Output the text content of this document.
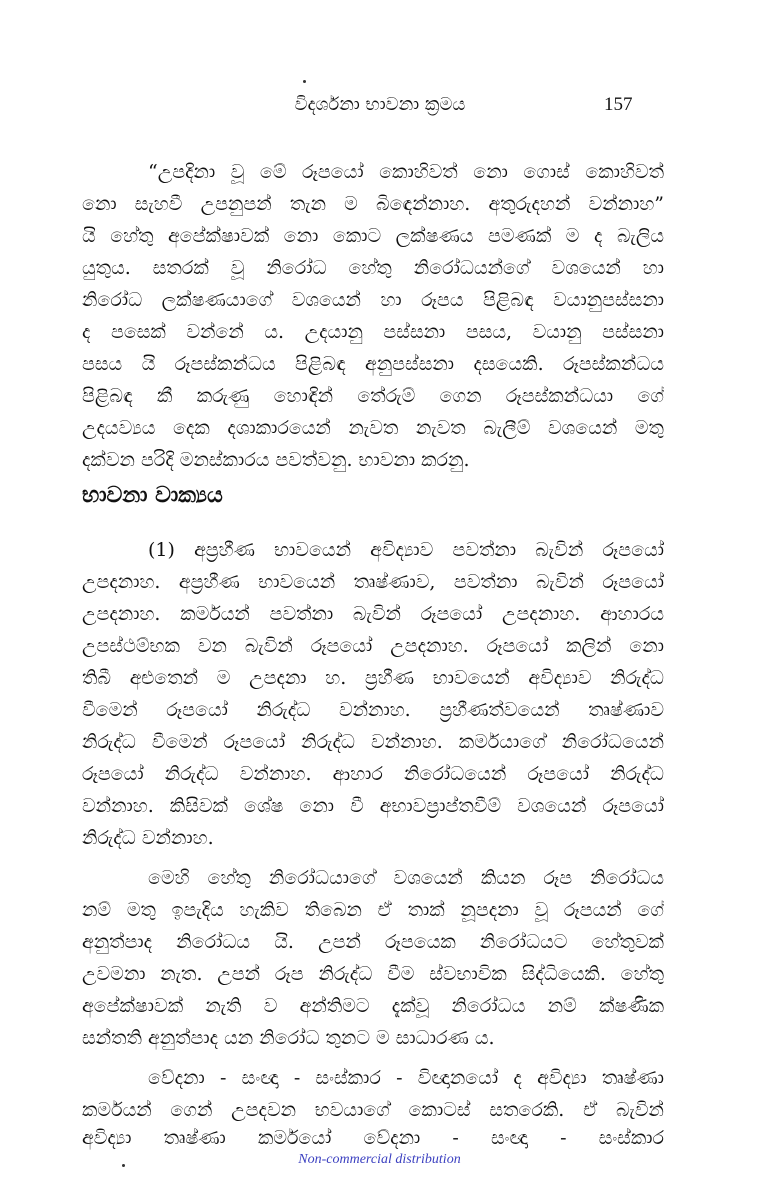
විදර්ශනා භාවනා ක්‍රමය	157
“උපදිනා වූ මේ රූපයෝ කොහිවත් නො ගොස් කොහිවත්
නො සැහවී උපනුපන් තැන ම බිඳෙන්නාහ. අතුරුදහන් වන්නාහ”
යි හේතු අපේක්ෂාවක් නො කොට ලක්ෂණය පමණක් ම ද බැලිය
යුතුය. සතරක් වූ නිරෝධ හේතු නිරෝධයන්ගේ වශයෙන් හා
නිරෝධ ලක්ෂණයාගේ වශයෙන් හා රූපය පිළිබඳ වයානුපස්සනා
ද පසෙක් වන්නේ ය. උදයානු පස්සනා පසය, වයානු පස්සනා
පසය යි රූපස්කන්ධය පිළිබඳ අනුපස්සනා දසයෙකි. රූපස්කන්ධය
පිළිබඳ කී කරුණු හොඳින් තේරුම් ගෙන රූපස්කන්ධයා ගේ
උදයව්‍යය දෙක දශාකාරයෙන් නැවත නැවත බැලීම් වශයෙන් මතු
දක්වන පරිදි මනස්කාරය පවත්වනු. භාවනා කරනු.
භාවනා වාක්‍යය
(1) අප්‍රහීණ භාවයෙන් අවිද්‍යාව පවත්නා බැවින් රූපයෝ
උපදනාහ. අප්‍රහීණ භාවයෙන් තෘෂ්ණාව, පවත්නා බැවින් රූපයෝ
උපදනාහ. කර්මයන් පවත්නා බැවින් රූපයෝ උපදනාහ. ආහාරය
උපස්ථම්භක වන බැවින් රූපයෝ උපදනාහ. රූපයෝ කලින් නො
තිබී අළුතෙන් ම උපදනා හ. ප්‍රහීණ භාවයෙන් අවිද්‍යාව නිරුද්ධ
වීමෙන් රූපයෝ නිරුද්ධ වන්නාහ. ප්‍රහීණත්වයෙන් තෘෂ්ණාව
නිරුද්ධ වීමෙන් රූපයෝ නිරුද්ධ වන්නාහ. කර්මයාගේ නිරෝධයෙන්
රූපයෝ නිරුද්ධ වන්නාහ. ආහාර නිරෝධයෙන් රූපයෝ නිරුද්ධ
වන්නාහ. කිසිවක් ශේෂ නො වී අභාවප්‍රාප්තවීම් වශයෙන් රූපයෝ
නිරුද්ධ වන්නාහ.
මෙහි හේතු නිරෝධයාගේ වශයෙන් කියන රූප නිරෝධය
නම් මතු ඉපැදිය හැකිව තිබෙන ඒ තාක් නූපදනා වූ රූපයන් ගේ
අනුත්පාද නිරෝධය යි. උපන් රූපයෙක නිරෝධයට හේතුවක්
උවමනා නැත. උපන් රූප නිරුද්ධ වීම ස්වභාවික සිද්ධියෙකි. හේතු
අපේක්ෂාවක් නැති ව අන්තිමට දැක්වූ නිරෝධය නම් ක්ෂණික
සන්තති අනුත්පාද යන නිරෝධ තුනට ම සාධාරණ ය.
වේදනා - සංඥා - සංස්කාර - විඥානයෝ ද අවිද්‍යා තෘෂ්ණා
කර්මයන් ගෙන් උපදවන භවයාගේ කොටස් සතරෙකි. ඒ බැවින්
අවිද්‍යා තෘෂ්ණා කර්මයෝ වේදනා - සංඥා - සංස්කාර
Non-commercial distribution
